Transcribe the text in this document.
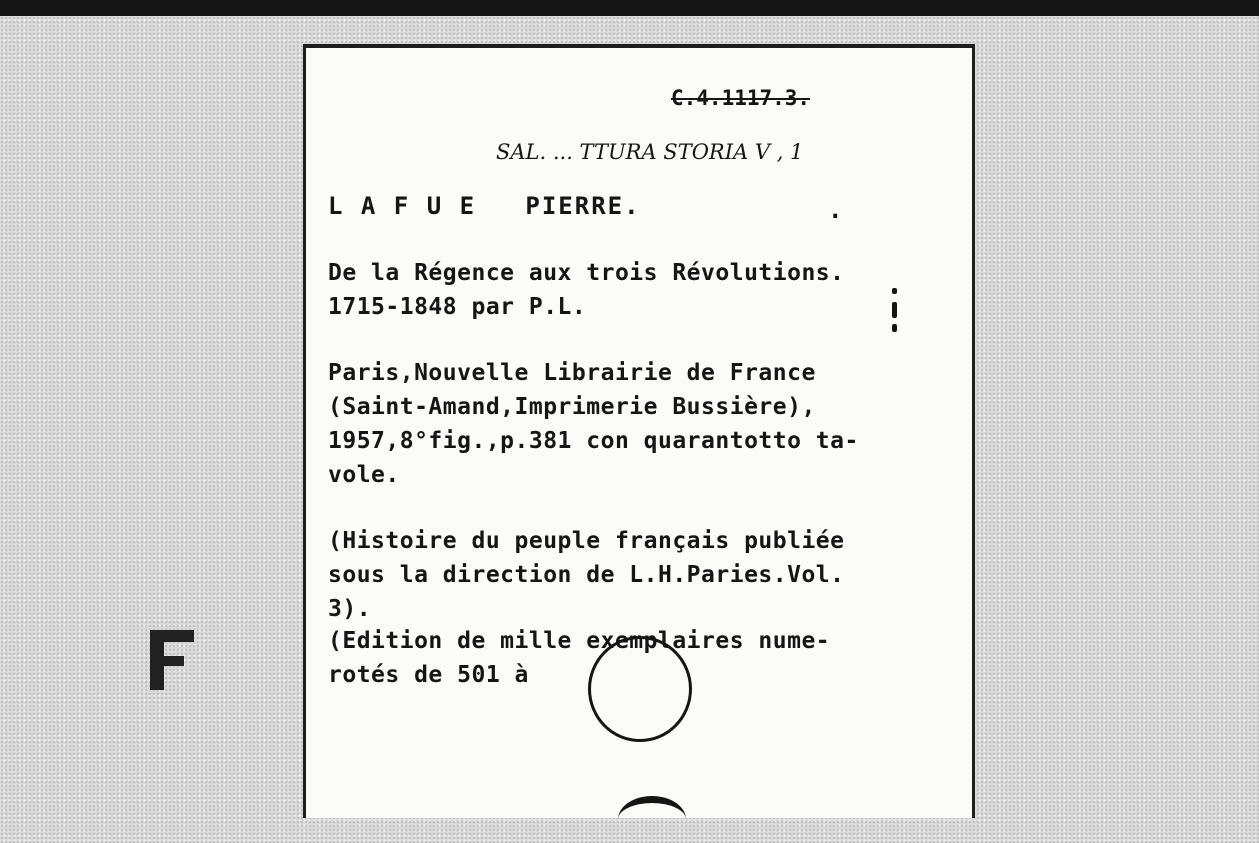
C.4.1117.3.
SAL. ... TTURA STORIA V , 1
L A F U E   PIERRE.	.
De la Régence aux trois Révolutions.
1715-1848 par P.L.
Paris,Nouvelle Librairie de France
(Saint-Amand,Imprimerie Bussière),
1957,8°fig.,p.381 con quarantotto ta-
vole.
(Histoire du peuple français publiée
sous la direction de L.H.Paries.Vol.
3).
(Edition de mille exemplaires nume-
rotés de 501 à
